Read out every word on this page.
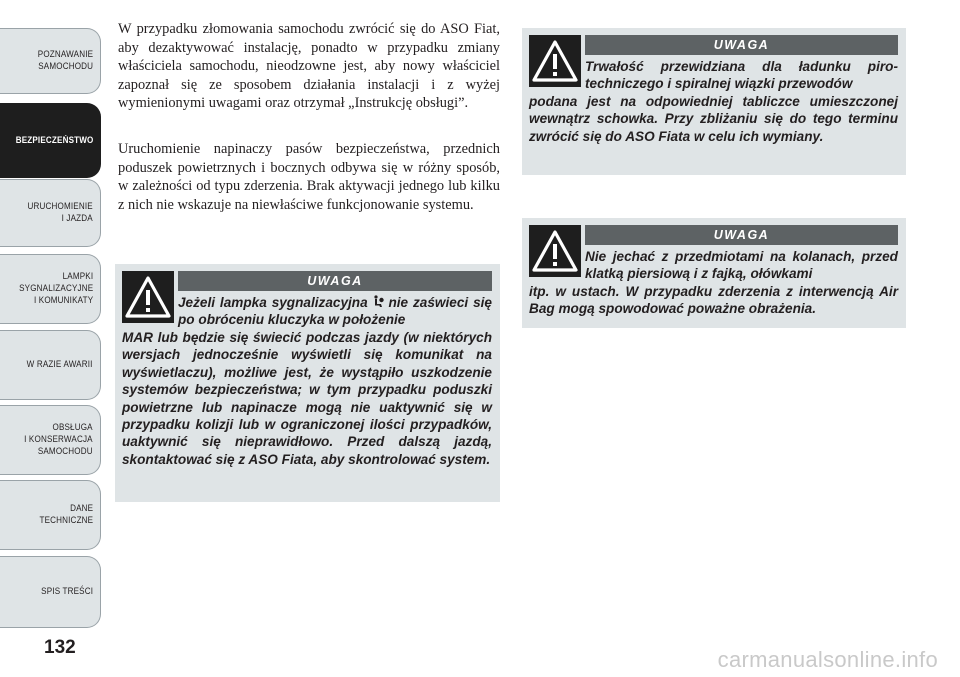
POZNAWANIE
SAMOCHODU
BEZPIECZEŃSTWO
URUCHOMIENIE
I JAZDA
LAMPKI
SYGNALIZACYJNE
I KOMUNIKATY
W RAZIE AWARII
OBSŁUGA
I KONSERWACJA
SAMOCHODU
DANE
TECHNICZNE
SPIS TREŚCI
132

W przypadku złomowania samochodu zwrócić się do ASO Fiat, aby dezaktywować instalację, ponadto w przypadku zmiany właściciela samochodu, nieodzowne jest, aby nowy właściciel zapoznał się ze sposobem działania instalacji i z wyżej wymienionymi uwagami oraz otrzymał „Instrukcję obsługi”.

Uruchomienie napinaczy pasów bezpieczeństwa, przednich poduszek powietrznych i bocznych odbywa się w różny sposób, w zależności od typu zderzenia. Brak aktywacji jednego lub kilku z nich nie wskazuje na niewłaściwe funkcjonowanie systemu.

UWAGA

Trwałość przewidziana dla ładunku piro-techniczego i spiralnej wiązki przewodów

podana jest na odpowiedniej tabliczce umieszczonej wewnątrz schowka. Przy zbliżaniu się do tego terminu zwrócić się do ASO Fiata w celu ich wymiany.

UWAGA

Nie jechać z przedmiotami na kolanach, przed klatką piersiową i z fajką, ołówkami

itp. w ustach. W przypadku zderzenia z interwencją Air Bag mogą spowodować poważne obrażenia.

UWAGA

Jeżeli lampka sygnalizacyjna nie zaświeci się po obróceniu kluczyka w położenie

MAR lub będzie się świecić podczas jazdy (w niektórych wersjach jednocześnie wyświetli się komunikat na wyświetlaczu), możliwe jest, że wystąpiło uszkodzenie systemów bezpieczeństwa; w tym przypadku poduszki powietrzne lub napinacze mogą nie uaktywnić się w przypadku kolizji lub w ograniczonej ilości przypadków, uaktywnić się nieprawidłowo. Przed dalszą jazdą, skontaktować się z ASO Fiata, aby skontrolować system.

carmanualsonline.info
